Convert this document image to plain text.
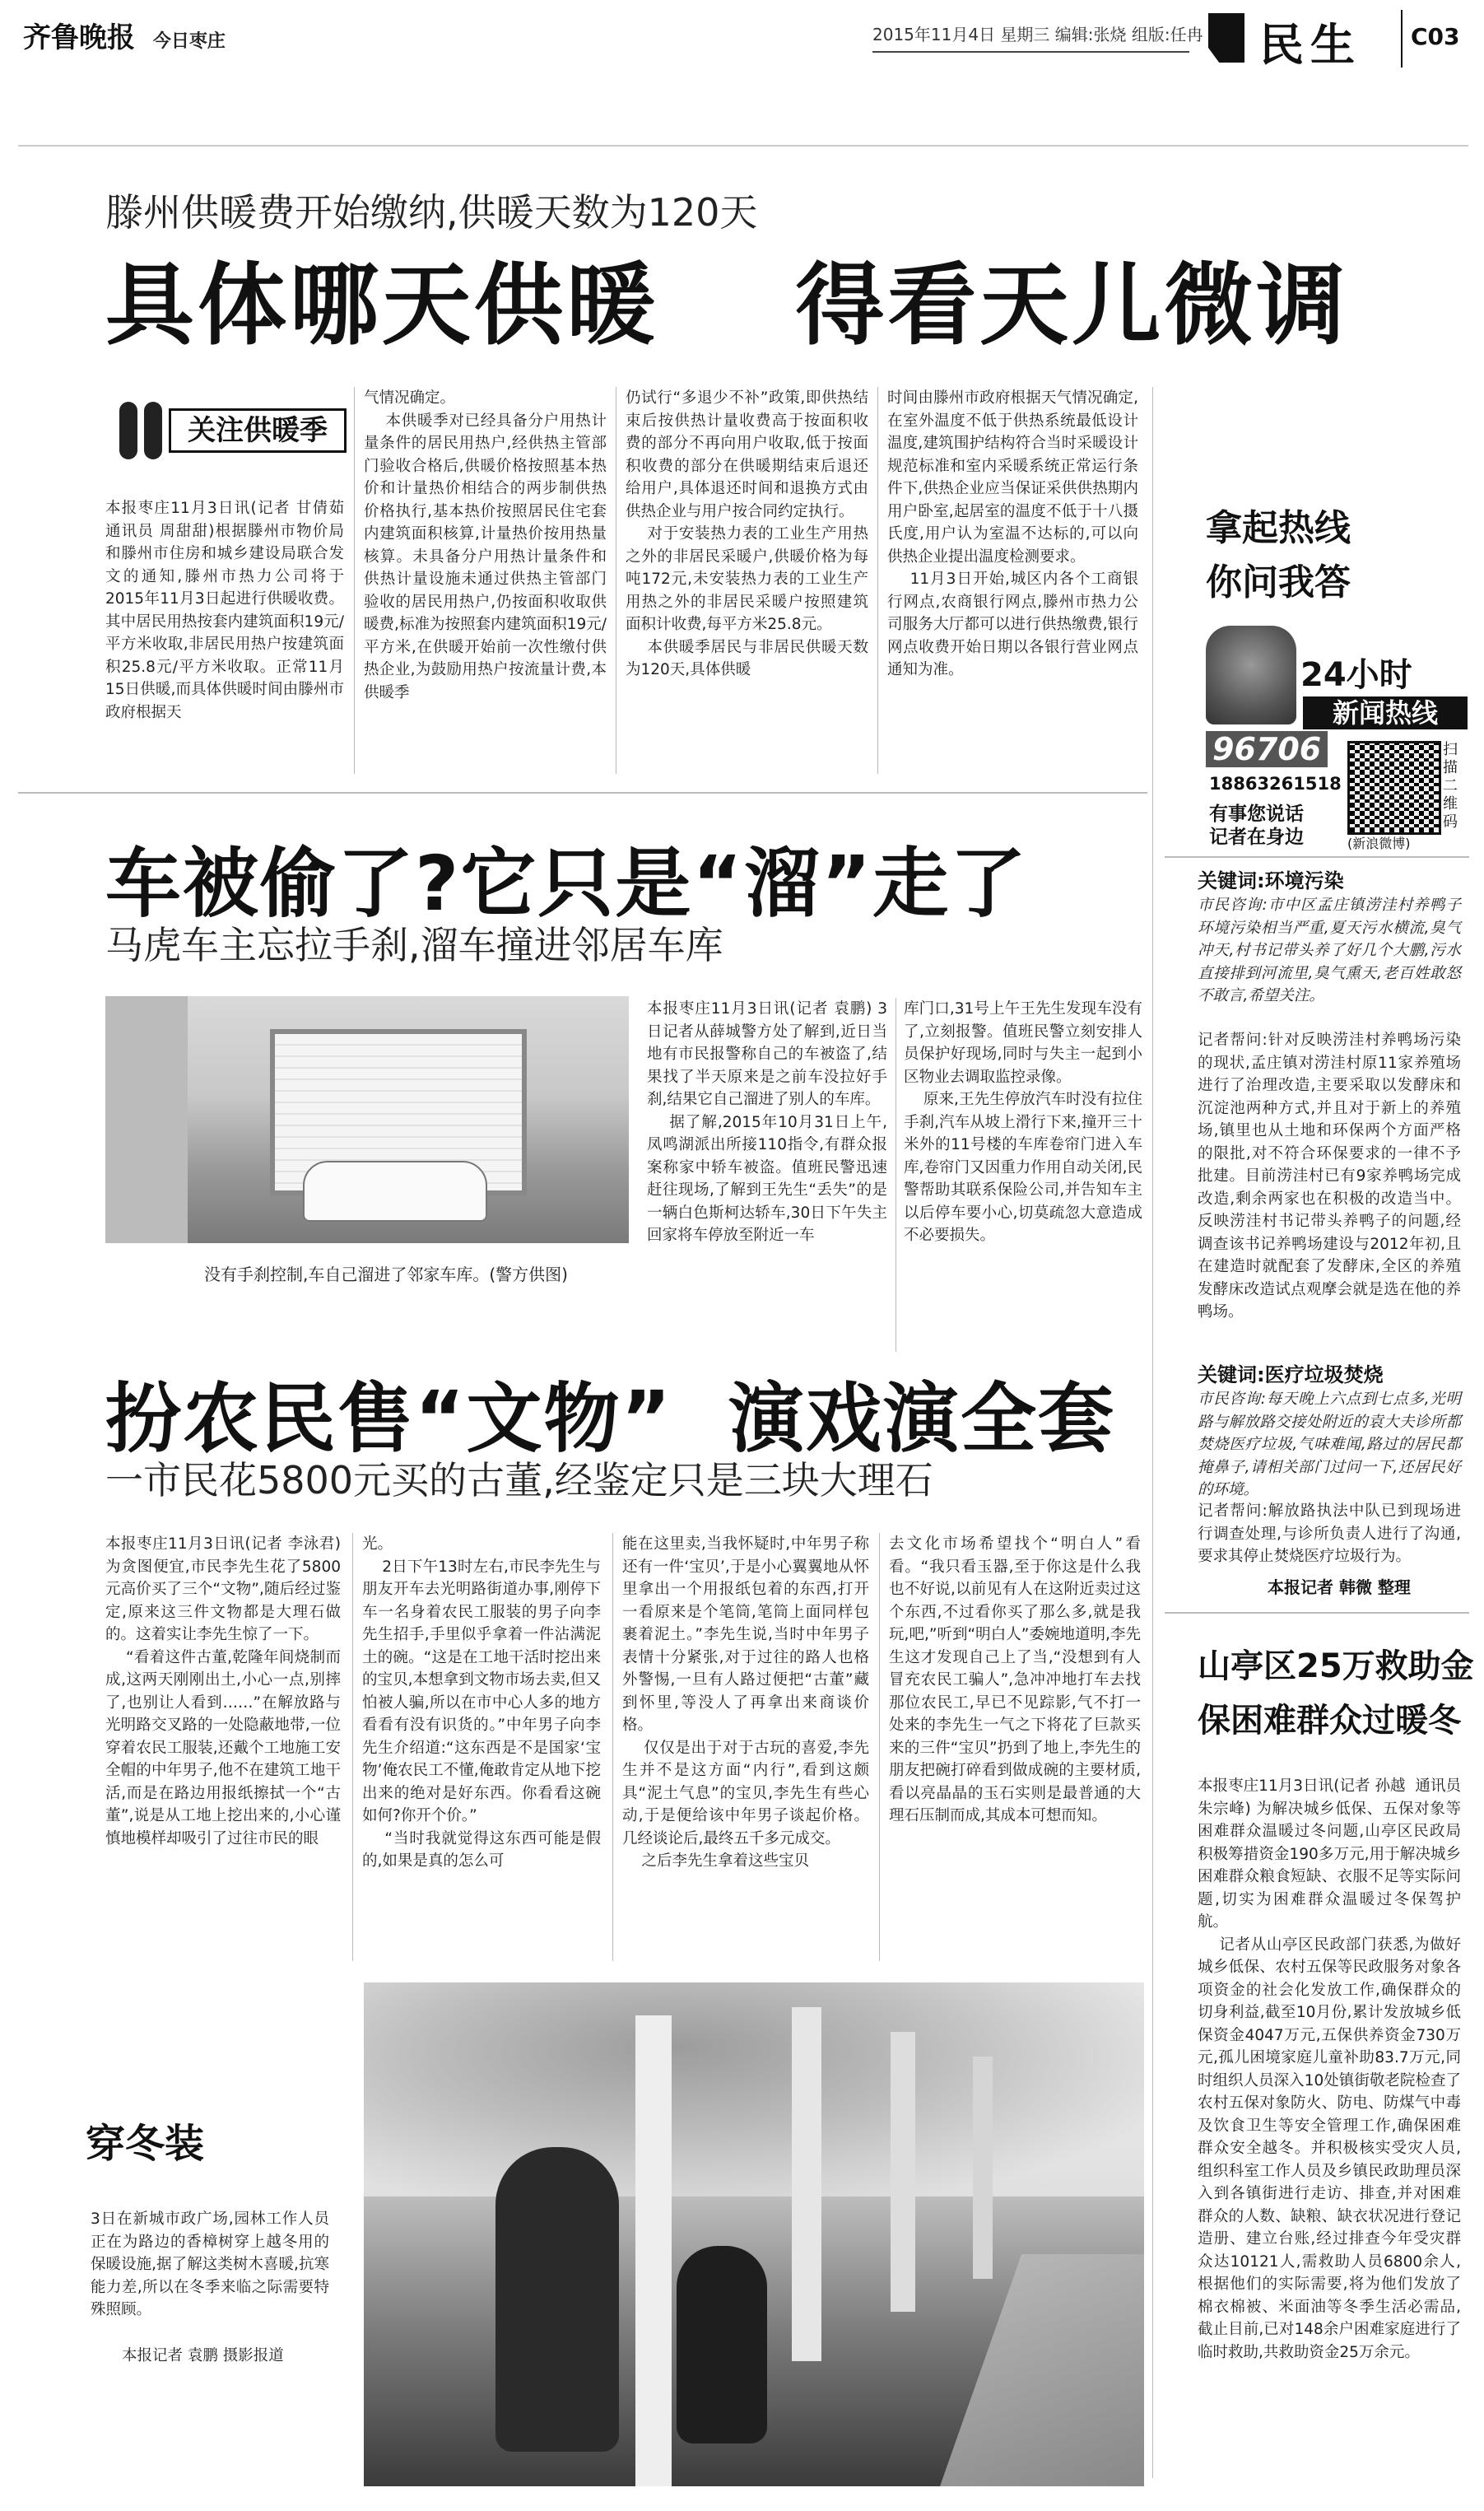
齐鲁晚报 今日枣庄	2015年11月4日 星期三 编辑:张烧 组版:任冉 民生 C03
滕州供暖费开始缴纳,供暖天数为120天
具体哪天供暖    得看天儿微调
关注供暖季
本报枣庄11月3日讯(记者 甘倩茹  通讯员 周甜甜)根据滕州市物价局和滕州市住房和城乡建设局联合发文的通知,滕州市热力公司将于2015年11月3日起进行供暖收费。其中居民用热按套内建筑面积19元/平方米收取,非居民用热户按建筑面积25.8元/平方米收取。正常11月15日供暖,而具体供暖时间由滕州市政府根据天
气情况确定。
本供暖季对已经具备分户用热计量条件的居民用热户,经供热主管部门验收合格后,供暖价格按照基本热价和计量热价相结合的两步制供热价格执行,基本热价按照居民住宅套内建筑面积核算,计量热价按用热量核算。未具备分户用热计量条件和供热计量设施未通过供热主管部门验收的居民用热户,仍按面积收取供暖费,标准为按照套内建筑面积19元/平方米,在供暖开始前一次性缴付供热企业,为鼓励用热户按流量计费,本供暖季
仍试行“多退少不补”政策,即供热结束后按供热计量收费高于按面积收费的部分不再向用户收取,低于按面积收费的部分在供暖期结束后退还给用户,具体退还时间和退换方式由供热企业与用户按合同约定执行。
对于安装热力表的工业生产用热之外的非居民采暖户,供暖价格为每吨172元,未安装热力表的工业生产用热之外的非居民采暖户按照建筑面积计收费,每平方米25.8元。
本供暖季居民与非居民供暖天数为120天,具体供暖
时间由滕州市政府根据天气情况确定,在室外温度不低于供热系统最低设计温度,建筑围护结构符合当时采暖设计规范标准和室内采暖系统正常运行条件下,供热企业应当保证采供供热期内用户卧室,起居室的温度不低于十八摄氏度,用户认为室温不达标的,可以向供热企业提出温度检测要求。
11月3日开始,城区内各个工商银行网点,农商银行网点,滕州市热力公司服务大厅都可以进行供热缴费,银行网点收费开始日期以各银行营业网点通知为准。
拿起热线
你问我答
24小时
新闻热线
96706
18863261518
有事您说话
记者在身边
扫描二维码
(新浪微博)
关键词:环境污染
市民咨询:市中区孟庄镇涝洼村养鸭子环境污染相当严重,夏天污水横流,臭气冲天,村书记带头养了好几个大鹏,污水直接排到河流里,臭气熏天,老百姓敢怒不敢言,希望关注。
记者帮问:针对反映涝洼村养鸭场污染的现状,孟庄镇对涝洼村原11家养殖场进行了治理改造,主要采取以发酵床和沉淀池两种方式,并且对于新上的养殖场,镇里也从土地和环保两个方面严格的限批,对不符合环保要求的一律不予批建。目前涝洼村已有9家养鸭场完成改造,剩余两家也在积极的改造当中。反映涝洼村书记带头养鸭子的问题,经调查该书记养鸭场建设与2012年初,且在建造时就配套了发酵床,全区的养殖发酵床改造试点观摩会就是选在他的养鸭场。
关键词:医疗垃圾焚烧
市民咨询:每天晚上六点到七点多,光明路与解放路交接处附近的袁大夫诊所都焚烧医疗垃圾,气味难闻,路过的居民都掩鼻子,请相关部门过问一下,还居民好的环境。
记者帮问:解放路执法中队已到现场进行调查处理,与诊所负责人进行了沟通,要求其停止焚烧医疗垃圾行为。
本报记者 韩微 整理
山亭区25万救助金
保困难群众过暖冬
本报枣庄11月3日讯(记者 孙越  通讯员 朱宗峰) 为解决城乡低保、五保对象等困难群众温暖过冬问题,山亭区民政局积极筹措资金190多万元,用于解决城乡困难群众粮食短缺、衣服不足等实际问题,切实为困难群众温暖过冬保驾护航。
记者从山亭区民政部门获悉,为做好城乡低保、农村五保等民政服务对象各项资金的社会化发放工作,确保群众的切身利益,截至10月份,累计发放城乡低保资金4047万元,五保供养资金730万元,孤儿困境家庭儿童补助83.7万元,同时组织人员深入10处镇街敬老院检查了农村五保对象防火、防电、防煤气中毒及饮食卫生等安全管理工作,确保困难群众安全越冬。并积极核实受灾人员,组织科室工作人员及乡镇民政助理员深入到各镇街进行走访、排查,并对困难群众的人数、缺粮、缺衣状况进行登记造册、建立台账,经过排查今年受灾群众达10121人,需救助人员6800余人,根据他们的实际需要,将为他们发放了棉衣棉被、米面油等冬季生活必需品,截止目前,已对148余户困难家庭进行了临时救助,共救助资金25万余元。
车被偷了?它只是“溜”走了
马虎车主忘拉手刹,溜车撞进邻居车库
没有手刹控制,车自己溜进了邻家车库。(警方供图)
本报枣庄11月3日讯(记者 袁鹏) 3日记者从薛城警方处了解到,近日当地有市民报警称自己的车被盗了,结果找了半天原来是之前车没拉好手刹,结果它自己溜进了别人的车库。
据了解,2015年10月31日上午,凤鸣湖派出所接110指令,有群众报案称家中轿车被盗。值班民警迅速赶往现场,了解到王先生“丢失”的是一辆白色斯柯达轿车,30日下午失主回家将车停放至附近一车
库门口,31号上午王先生发现车没有了,立刻报警。值班民警立刻安排人员保护好现场,同时与失主一起到小区物业去调取监控录像。
原来,王先生停放汽车时没有拉住手刹,汽车从坡上滑行下来,撞开三十米外的11号楼的车库卷帘门进入车库,卷帘门又因重力作用自动关闭,民警帮助其联系保险公司,并告知车主以后停车要小心,切莫疏忽大意造成不必要损失。
扮农民售“文物”  演戏演全套
一市民花5800元买的古董,经鉴定只是三块大理石
本报枣庄11月3日讯(记者 李泳君) 为贪图便宜,市民李先生花了5800元高价买了三个“文物”,随后经过鉴定,原来这三件文物都是大理石做的。这着实让李先生惊了一下。
“看着这件古董,乾隆年间烧制而成,这两天刚刚出土,小心一点,别摔了,也别让人看到……”在解放路与光明路交叉路的一处隐蔽地带,一位穿着农民工服装,还戴个工地施工安全帽的中年男子,他不在建筑工地干活,而是在路边用报纸擦拭一个“古董”,说是从工地上挖出来的,小心谨慎地模样却吸引了过往市民的眼
光。
2日下午13时左右,市民李先生与朋友开车去光明路街道办事,刚停下车一名身着农民工服装的男子向李先生招手,手里似乎拿着一件沾满泥土的碗。“这是在工地干活时挖出来的宝贝,本想拿到文物市场去卖,但又怕被人骗,所以在市中心人多的地方看看有没有识货的。”中年男子向李先生介绍道:“这东西是不是国家‘宝物’俺农民工不懂,俺敢肯定从地下挖出来的绝对是好东西。你看看这碗如何?你开个价。”
“当时我就觉得这东西可能是假的,如果是真的怎么可
能在这里卖,当我怀疑时,中年男子称还有一件‘宝贝’,于是小心翼翼地从怀里拿出一个用报纸包着的东西,打开一看原来是个笔筒,笔筒上面同样包裹着泥土。”李先生说,当时中年男子表情十分紧张,对于过往的路人也格外警惕,一旦有人路过便把“古董”藏到怀里,等没人了再拿出来商谈价格。
仅仅是出于对于古玩的喜爱,李先生并不是这方面“内行”,看到这颇具“泥土气息”的宝贝,李先生有些心动,于是便给该中年男子谈起价格。几经谈论后,最终五千多元成交。
之后李先生拿着这些宝贝
去文化市场希望找个“明白人”看看。“我只看玉器,至于你这是什么我也不好说,以前见有人在这附近卖过这个东西,不过看你买了那么多,就是我玩,吧,”听到“明白人”委婉地道明,李先生这才发现自己上了当,“没想到有人冒充农民工骗人”,急冲冲地打车去找那位农民工,早已不见踪影,气不打一处来的李先生一气之下将花了巨款买来的三件“宝贝”扔到了地上,李先生的朋友把碗打碎看到做成碗的主要材质,看以亮晶晶的玉石实则是最普通的大理石压制而成,其成本可想而知。
穿冬装
3日在新城市政广场,园林工作人员正在为路边的香樟树穿上越冬用的保暖设施,据了解这类树木喜暖,抗寒能力差,所以在冬季来临之际需要特殊照顾。
本报记者 袁鹏 摄影报道
